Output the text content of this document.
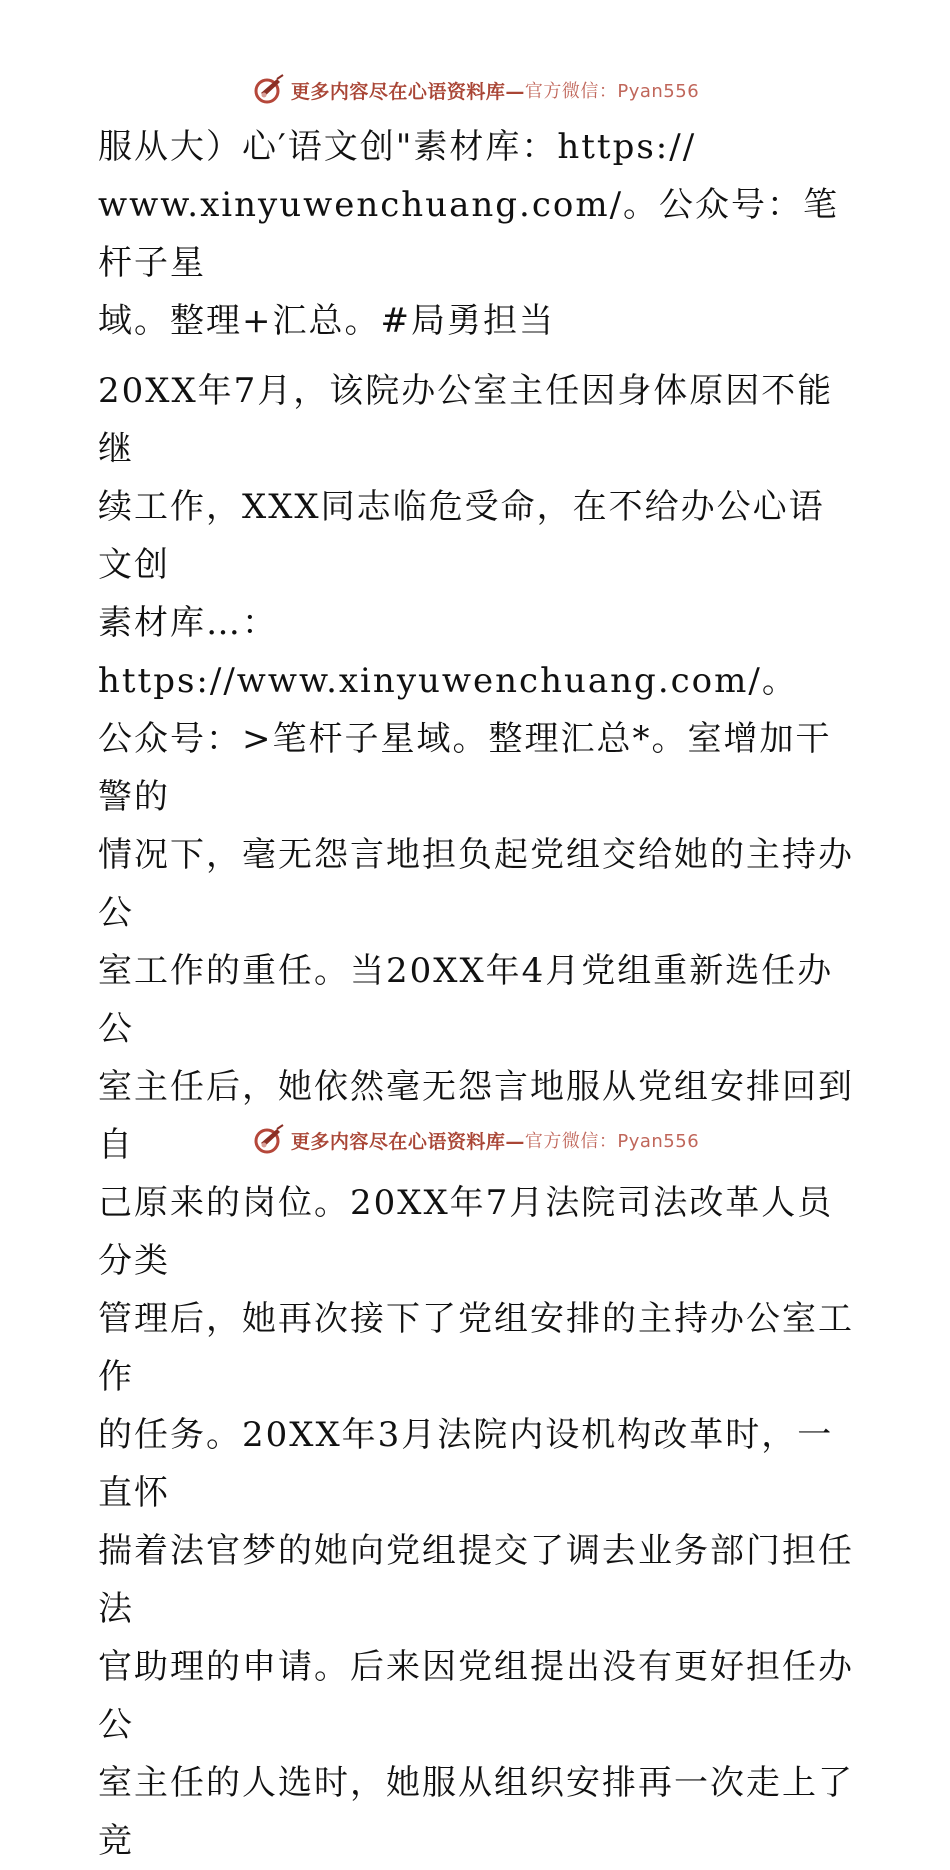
更多内容尽在心语资料库— 官方微信：Pyan556

服从大）心′语文创"素材库：https://
www.xinyuwenchuang.com/。公众号：笔杆子星
域。整理+汇总。#局勇担当

20XX年7月，该院办公室主任因身体原因不能继
续工作，XXX同志临危受命，在不给办公心语文创
素材库…：https://www.xinyuwenchuang.com/。
公众号：>笔杆子星域。整理汇总*。室增加干警的
情况下，毫无怨言地担负起党组交给她的主持办公
室工作的重任。当20XX年4月党组重新选任办公
室主任后，她依然毫无怨言地服从党组安排回到自
己原来的岗位。20XX年7月法院司法改革人员分类
管理后，她再次接下了党组安排的主持办公室工作
的任务。20XX年3月法院内设机构改革时，一直怀
揣着法官梦的她向党组提交了调去业务部门担任法
官助理的申请。后来因党组提出没有更好担任办公
室主任的人选时，她服从组织安排再一次走上了竞

更多内容尽在心语资料库— 官方微信：Pyan556
